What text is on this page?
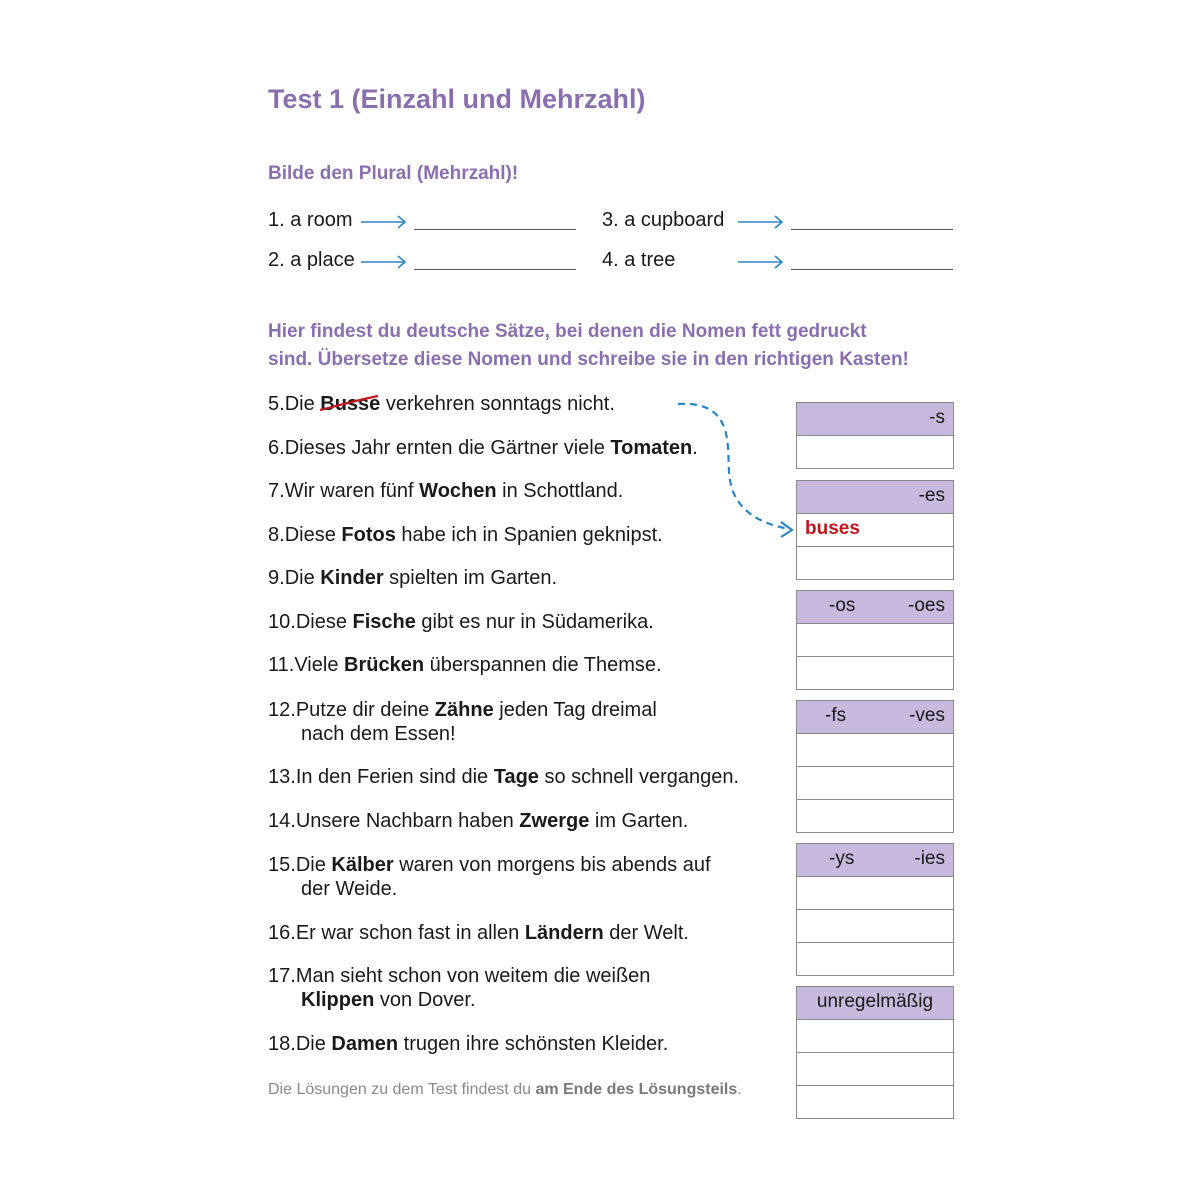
Test 1 (Einzahl und Mehrzahl)
Bilde den Plural (Mehrzahl)!
1. a room
2. a place
3. a cupboard
4. a tree
Hier findest du deutsche Sätze, bei denen die Nomen fett gedruckt
sind. Übersetze diese Nomen und schreibe sie in den richtigen Kasten!
5.Die Busse
verkehren sonntags nicht.
6.Dieses Jahr ernten die Gärtner viele Tomaten.
7.Wir waren fünf Wochen in Schottland.
8.Diese Fotos habe ich in Spanien geknipst.
9.Die Kinder spielten im Garten.
10.Diese Fische gibt es nur in Südamerika.
11.Viele Brücken überspannen die Themse.
12.Putze dir deine Zähne jeden Tag dreimal
nach dem Essen!
13.In den Ferien sind die Tage so schnell vergangen.
14.Unsere Nachbarn haben Zwerge im Garten.
15.Die Kälber waren von morgens bis abends auf
der Weide.
16.Er war schon fast in allen Ländern der Welt.
17.Man sieht schon von weitem die weißen
Klippen von Dover.
18.Die Damen trugen ihre schönsten Kleider.
-s
-es
buses
-os	-oes
-fs	-ves
-ys	-ies
unregelmäßig
Die Lösungen zu dem Test findest du am Ende des Lösungsteils.
